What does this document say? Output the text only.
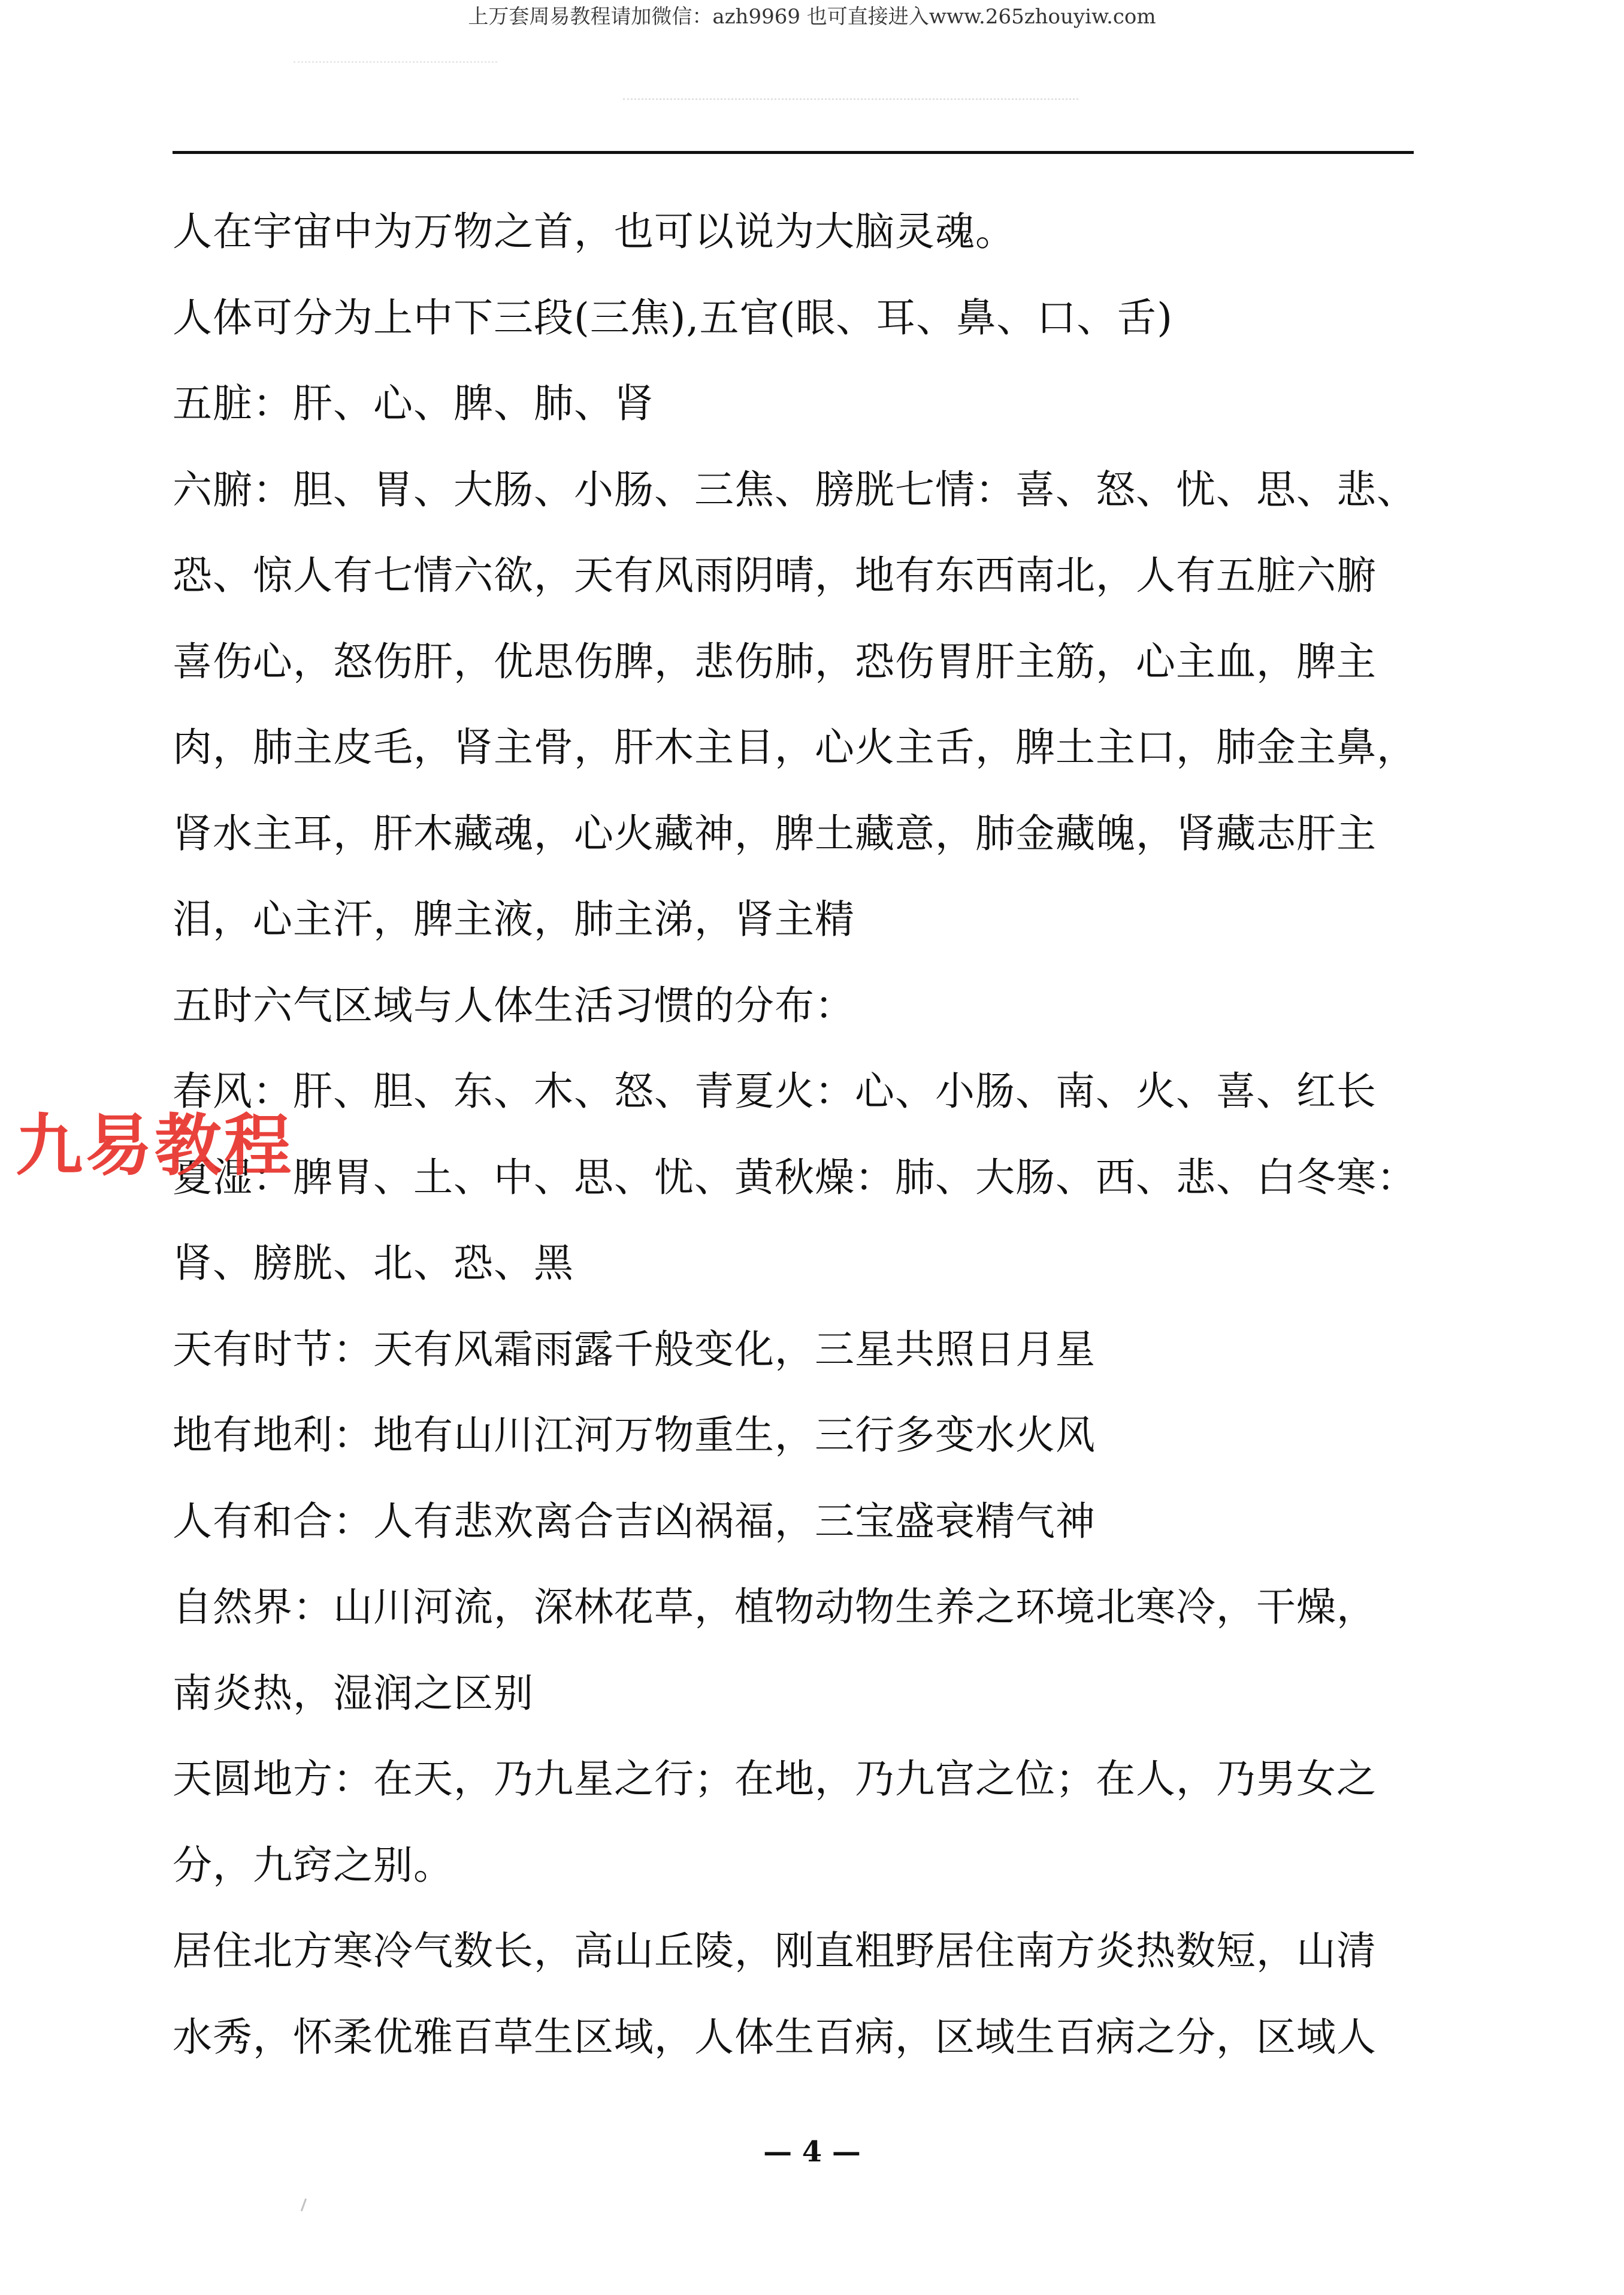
上万套周易教程请加微信：azh9969 也可直接进入www.265zhouyiw.com
人在宇宙中为万物之首，也可以说为大脑灵魂。
人体可分为上中下三段(三焦),五官(眼、耳、鼻、口、舌)
五脏：肝、心、脾、肺、肾
六腑：胆、胃、大肠、小肠、三焦、膀胱七情：喜、怒、忧、思、悲、
恐、惊人有七情六欲，天有风雨阴晴，地有东西南北，人有五脏六腑
喜伤心，怒伤肝，优思伤脾，悲伤肺，恐伤胃肝主筋，心主血，脾主
肉，肺主皮毛，肾主骨，肝木主目，心火主舌，脾土主口，肺金主鼻，
肾水主耳，肝木藏魂，心火藏神，脾土藏意，肺金藏魄，肾藏志肝主
泪，心主汗，脾主液，肺主涕，肾主精
五时六气区域与人体生活习惯的分布：
春风：肝、胆、东、木、怒、青夏火：心、小肠、南、火、喜、红长
夏湿：脾胃、土、中、思、忧、黄秋燥：肺、大肠、西、悲、白冬寒：
肾、膀胱、北、恐、黑
天有时节：天有风霜雨露千般变化，三星共照日月星
地有地利：地有山川江河万物重生，三行多变水火风
人有和合：人有悲欢离合吉凶祸福，三宝盛衰精气神
自然界：山川河流，深林花草，植物动物生养之环境北寒冷，干燥，
南炎热，湿润之区别
天圆地方：在天，乃九星之行；在地，乃九宫之位；在人，乃男女之
分，九窍之别。
居住北方寒冷气数长，高山丘陵，刚直粗野居住南方炎热数短，山清
水秀，怀柔优雅百草生区域，人体生百病，区域生百病之分，区域人
九易教程
— 4 —
